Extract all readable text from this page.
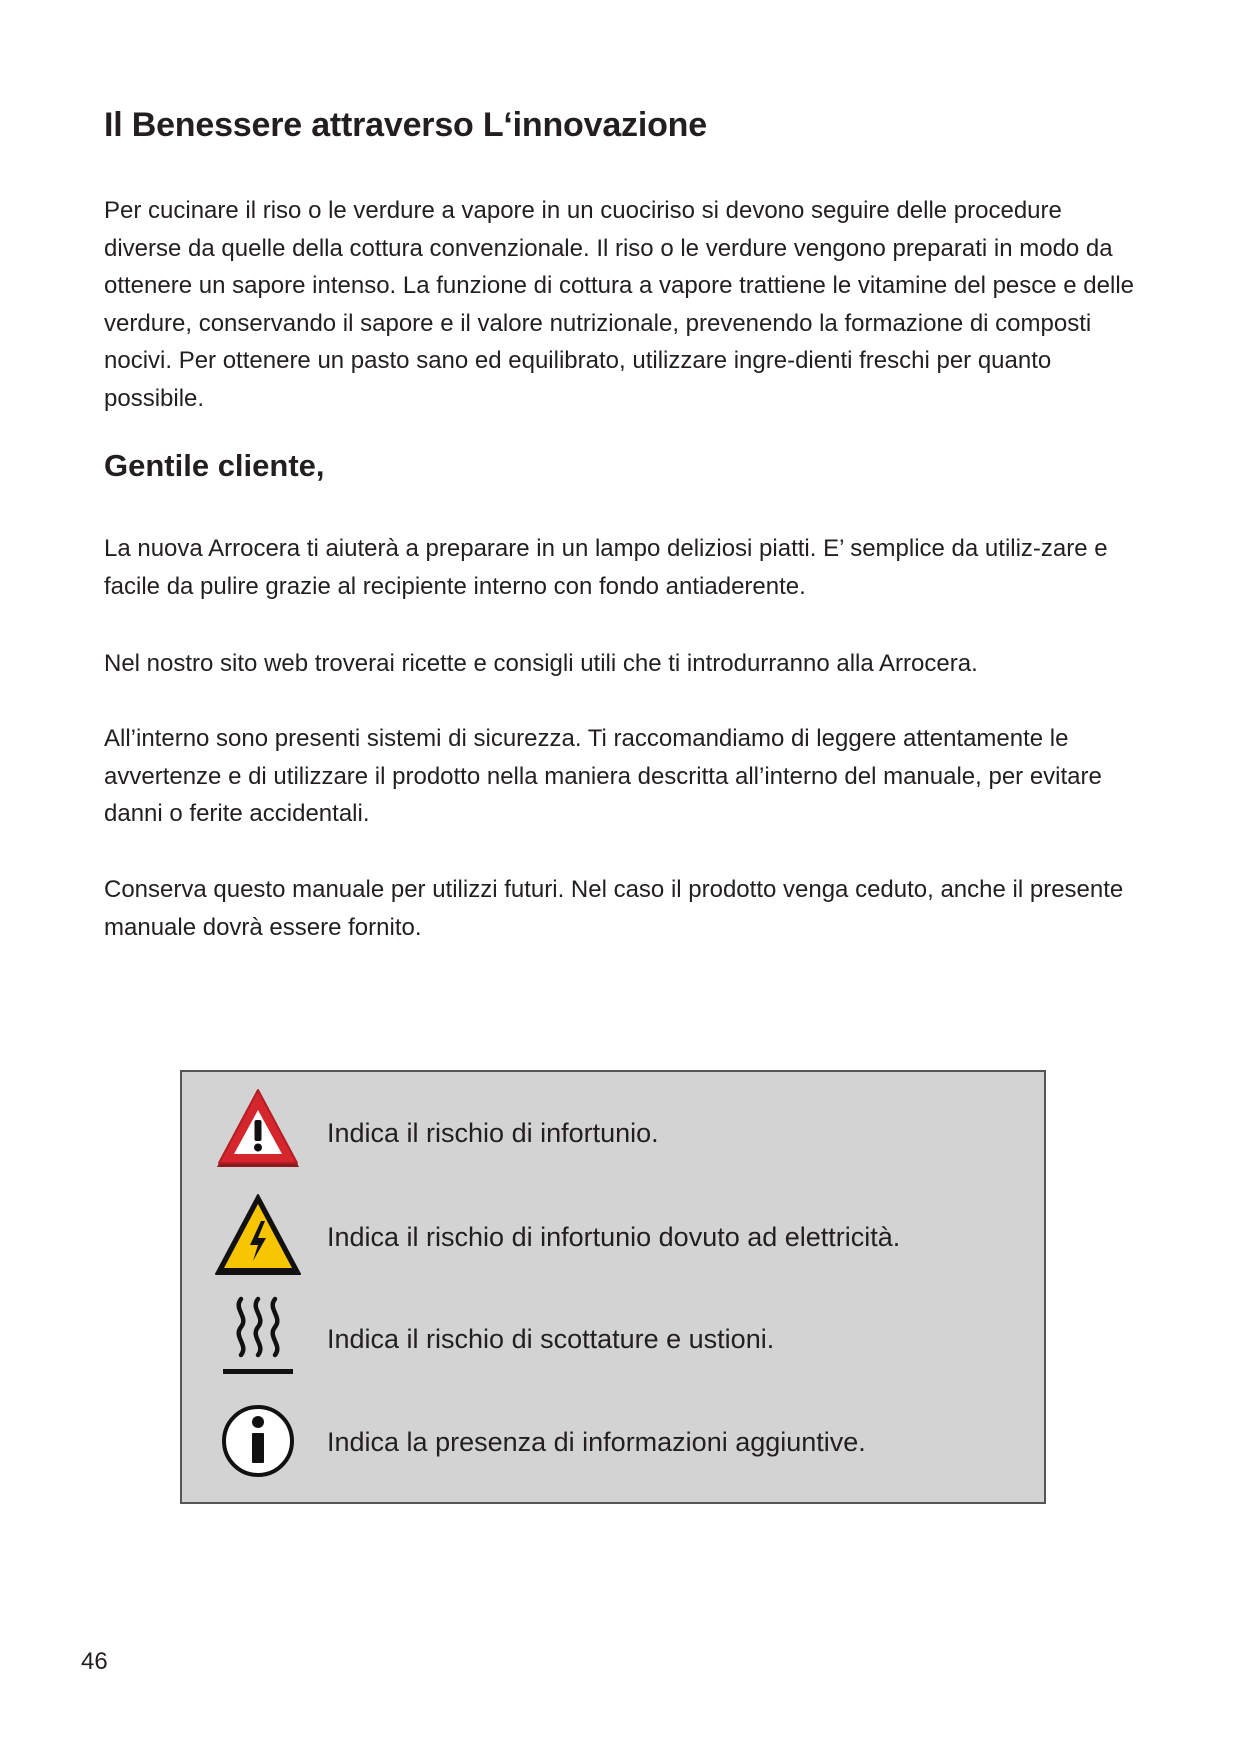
Il Benessere attraverso L‘innovazione

Per cucinare il riso o le verdure a vapore in un cuociriso si devono seguire delle procedure diverse da quelle della cottura convenzionale. Il riso o le verdure vengono preparati in modo da ottenere un sapore intenso. La funzione di cottura a vapore trattiene le vitamine del pesce e delle verdure, conservando il sapore e il valore nutrizionale, prevenendo la formazione di composti nocivi. Per ottenere un pasto sano ed equilibrato, utilizzare ingre-dienti freschi per quanto possibile.

Gentile cliente,

La nuova Arrocera ti aiuterà a preparare in un lampo deliziosi piatti. E’ semplice da utiliz-zare e facile da pulire grazie al recipiente interno con fondo antiaderente.

Nel nostro sito web troverai ricette e consigli utili che ti introdurranno alla Arrocera.

All’interno sono presenti sistemi di sicurezza. Ti raccomandiamo di leggere attentamente le avvertenze e di utilizzare il prodotto nella maniera descritta all’interno del manuale, per evitare danni o ferite accidentali.

Conserva questo manuale per utilizzi futuri. Nel caso il prodotto venga ceduto, anche il presente manuale dovrà essere fornito.

Indica il rischio di infortunio.
Indica il rischio di infortunio dovuto ad elettricità.
Indica il rischio di scottature e ustioni.
Indica la presenza di informazioni aggiuntive.
46
